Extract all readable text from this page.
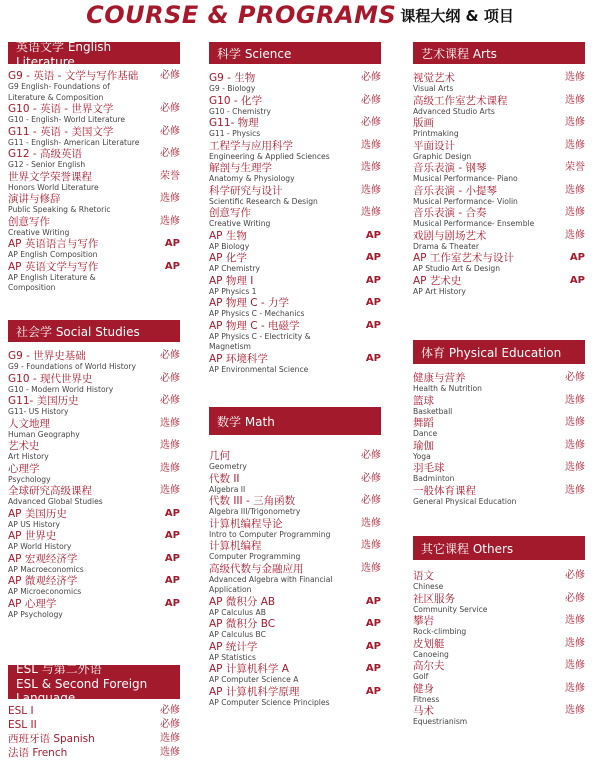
COURSE & PROGRAMS 课程大纲 & 项目
英语文学 English Literature
G9 - 英语 - 文学与写作基础
G9 English- Foundations of Literature & Composition
必修
G10 - 英语 - 世界文学
G10 - English- World Literature
必修
G11 - 英语 - 美国文学
G11 - English- American Literature
必修
G12 - 高级英语
G12 - Senior English
必修
世界文学荣誉课程
Honors World Literature
荣誉
演讲与修辞
Public Speaking & Rhetoric
选修
创意写作
Creative Writing
选修
AP 英语语言与写作
AP English Composition
AP
AP 英语文学与写作
AP English Literature & Composition
AP
社会学 Social Studies
G9 - 世界史基础
G9 - Foundations of World History
必修
G10 - 现代世界史
G10 - Modern World History
必修
G11- 美国历史
G11- US History
必修
人文地理
Human Geography
选修
艺术史
Art History
选修
心理学
Psychology
选修
全球研究高级课程
Advanced Global Studies
选修
AP 美国历史
AP US History
AP
AP 世界史
AP World History
AP
AP 宏观经济学
AP Macroeconomics
AP
AP 微观经济学
AP Microeconomics
AP
AP 心理学
AP Psychology
AP
ESL 与第二外语
ESL & Second Foreign Language
ESL I	必修
ESL II	必修
西班牙语 Spanish	选修
法语 French	选修
科学 Science
G9 - 生物
G9 - Biology
必修
G10 - 化学
G10 - Chemistry
必修
G11- 物理
G11 - Physics
必修
工程学与应用科学
Engineering & Applied Sciences
选修
解剖与生理学
Anatomy & Physiology
选修
科学研究与设计
Scientific Research & Design
选修
创意写作
Creative Writing
选修
AP 生物
AP Biology
AP
AP 化学
AP Chemistry
AP
AP 物理 I
AP Physics 1
AP
AP 物理 C - 力学
AP Physics C - Mechanics
AP
AP 物理 C - 电磁学
AP Physics C - Electricity & Magnetism
AP
AP 环境科学
AP Environmental Science
AP
数学 Math
几何
Geometry
必修
代数 II
Algebra II
必修
代数 III - 三角函数
Algebra III/Trigonometry
必修
计算机编程导论
Intro to Computer Programming
选修
计算机编程
Computer Programming
选修
高级代数与金融应用
Advanced Algebra with Financial Application
选修
AP 微积分 AB
AP Calculus AB
AP
AP 微积分 BC
AP Calculus BC
AP
AP 统计学
AP Statistics
AP
AP 计算机科学 A
AP Computer Science A
AP
AP 计算机科学原理
AP Computer Science Principles
AP
艺术课程 Arts
视觉艺术
Visual Arts
选修
高级工作室艺术课程
Advanced Studio Arts
选修
版画
Printmaking
选修
平面设计
Graphic Design
选修
音乐表演 - 钢琴
Musical Performance- Piano
荣誉
音乐表演 - 小提琴
Musical Performance- Violin
选修
音乐表演 - 合奏
Musical Performance- Ensemble
选修
戏剧与剧场艺术
Drama & Theater
选修
AP 工作室艺术与设计
AP Studio Art & Design
AP
AP 艺术史
AP Art History
AP
体育 Physical Education
健康与营养
Health & Nutrition
必修
篮球
Basketball
选修
舞蹈
Dance
选修
瑜伽
Yoga
选修
羽毛球
Badminton
选修
一般体育课程
General Physical Education
选修
其它课程 Others
语文
Chinese
必修
社区服务
Community Service
必修
攀岩
Rock-climbing
选修
皮划艇
Canoeing
选修
高尔夫
Golf
选修
健身
Fitness
选修
马术
Equestrianism
选修
